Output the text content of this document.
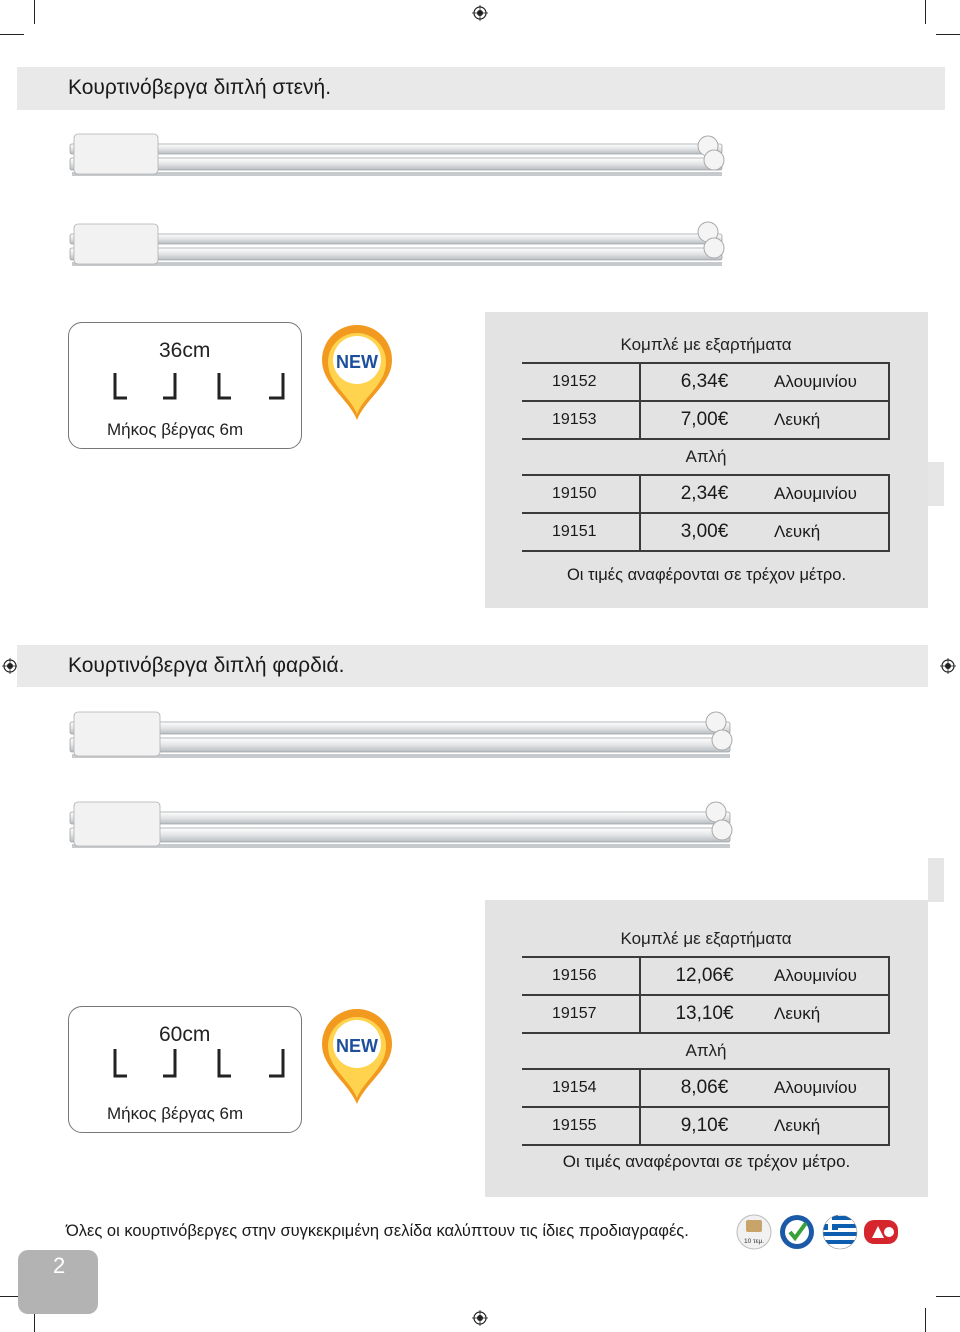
Κουρτινόβεργα διπλή στενή.
36cm
Μήκος βέργας 6m
NEW
Κομπλέ με εξαρτήματα
19152	6,34€	Αλουμινίου
19153	7,00€	Λευκή
Απλή
19150	2,34€	Αλουμινίου
19151	3,00€	Λευκή
Οι τιμές αναφέρονται σε τρέχον μέτρο.
Κουρτινόβεργα διπλή φαρδιά.
60cm
Μήκος βέργας 6m
NEW
Κομπλέ με εξαρτήματα
19156	12,06€	Αλουμινίου
19157	13,10€	Λευκή
Απλή
19154	8,06€	Αλουμινίου
19155	9,10€	Λευκή
Οι τιμές αναφέρονται σε τρέχον μέτρο.
Όλες οι κουρτινόβεργες στην συγκεκριμένη σελίδα καλύπτουν τις ίδιες προδιαγραφές.
10 τεμ.
2
